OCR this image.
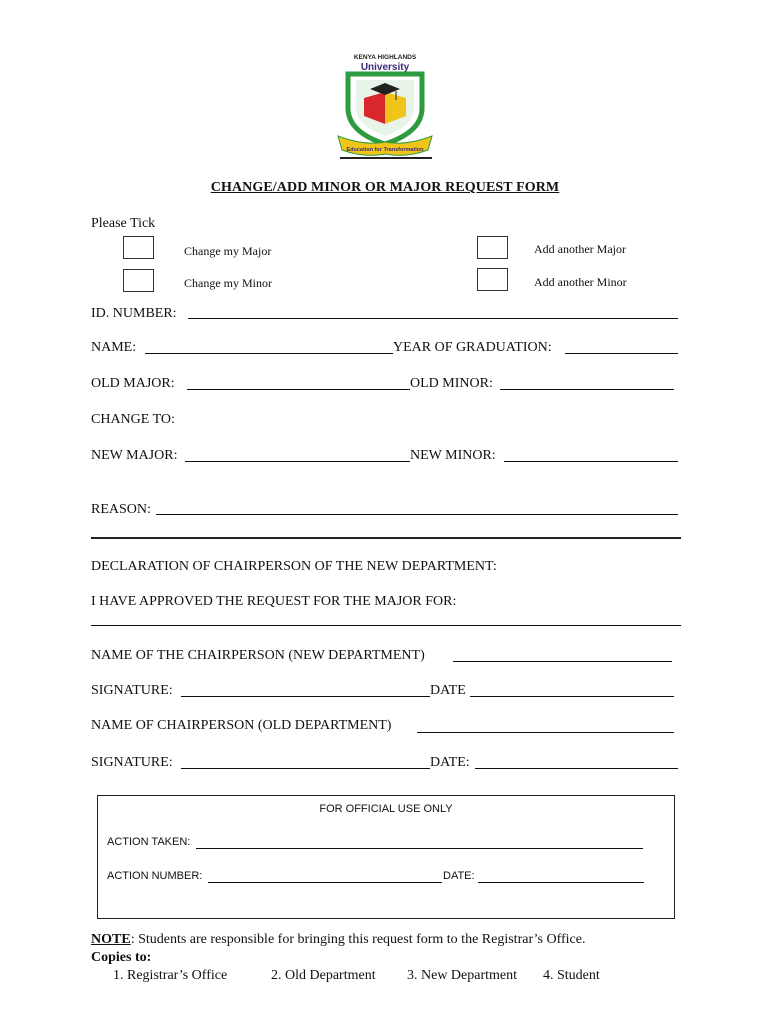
KENYA HIGHLANDS
University
Education for Transformation
CHANGE/ADD MINOR OR MAJOR REQUEST FORM
Please Tick
Change my Major	Add another Major
Change my Minor	Add another Minor
ID. NUMBER:
NAME:	YEAR OF GRADUATION:
OLD MAJOR:	OLD MINOR:
CHANGE TO:
NEW MAJOR:	NEW MINOR:
REASON:
DECLARATION OF CHAIRPERSON OF THE NEW DEPARTMENT:
I HAVE APPROVED THE REQUEST FOR THE MAJOR FOR:
NAME OF THE CHAIRPERSON (NEW DEPARTMENT)
SIGNATURE:	DATE
NAME OF CHAIRPERSON (OLD DEPARTMENT)
SIGNATURE:	DATE:
FOR OFFICIAL USE ONLY
ACTION TAKEN:
ACTION NUMBER:	DATE:
NOTE: Students are responsible for bringing this request form to the Registrar’s Office.
Copies to:
1. Registrar’s Office	2. Old Department 3. New Department 4. Student
